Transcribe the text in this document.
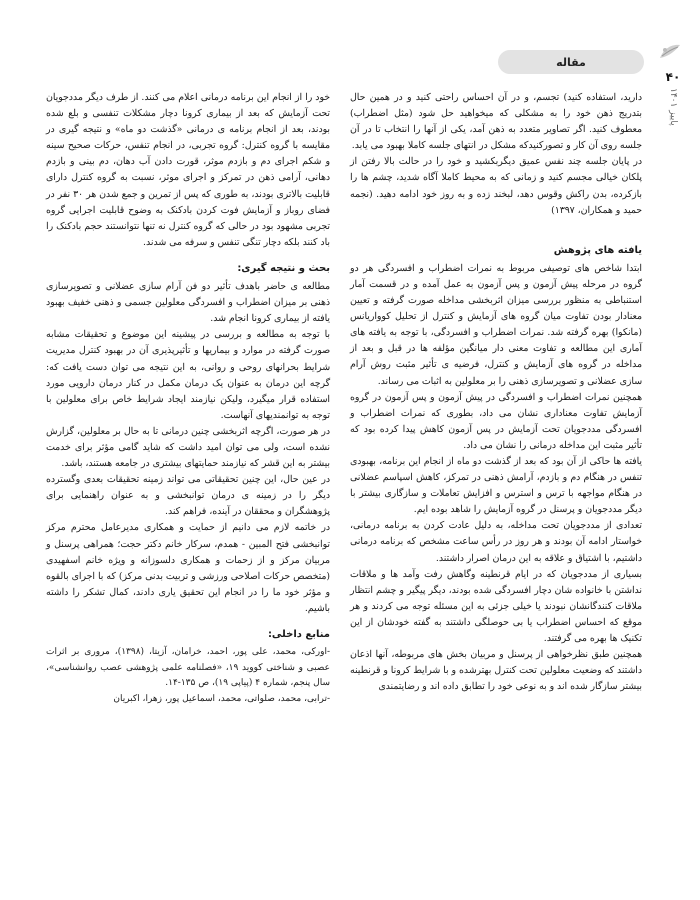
مقاله
۴۰
پاییز ۱۴۰۱

دارید، استفاده کنید) تجسم، و در آن احساس راحتی کنید و در همین حال بتدریج ذهن خود را به مشکلی که میخواهید حل شود (مثل اضطراب) معطوف کنید. اگر تصاویر متعدد به ذهن آمد، یکی از آنها را انتخاب تا در آن جلسه روی آن کار و تصورکنیدکه مشکل در انتهای جلسه کاملا بهبود می یابد.

در پایان جلسه چند نفس عمیق دیگربکشید و خود را در حالت بالا رفتن از پلکان خیالی مجسم کنید و زمانی که به محیط کاملا آگاه شدید، چشم ها را بازکرده، بدن راکش وقوس دهد، لبخند زده و به روز خود ادامه دهید. (نجمه حمید و همکاران، ۱۳۹۷)

یافته های پژوهش

ابتدا شاخص های توصیفی مربوط به نمرات اضطراب و افسردگی هر دو گروه در مرحله پیش آزمون و پس آزمون به عمل آمده و در قسمت آمار استنباطی به منظور بررسی میزان اثربخشی مداخله صورت گرفته و تعیین معنادار بودن تفاوت میان گروه های آزمایش و کنترل از تحلیل کوواریانس (مانکوا) بهره گرفته شد. نمرات اضطراب و افسردگی، با توجه به یافته های آماری این مطالعه و تفاوت معنی دار میانگین مؤلفه ها در قبل و بعد از مداخله در گروه های آزمایش و کنترل، فرضیه ی تأثیر مثبت روش آرام سازی عضلانی و تصویرسازی ذهنی را بر معلولین به اثبات می رساند.

همچنین نمرات اضطراب و افسردگی در پیش آزمون و پس آزمون در گروه آزمایش تفاوت معناداری نشان می داد، بطوری که نمرات اضطراب و افسردگی مددجویان تحت آزمایش در پس آزمون کاهش پیدا کرده بود که تأثیر مثبت این مداخله درمانی را نشان می داد.

یافته ها حاکی از آن بود که بعد از گذشت دو ماه از انجام این برنامه، بهبودی تنفس در هنگام دم و بازدم، آرامش ذهنی در تمرکز، کاهش اسپاسم عضلانی در هنگام مواجهه با ترس و استرس و افزایش تعاملات و سازگاری بیشتر با دیگر مددجویان و پرسنل در گروه آزمایش را شاهد بوده ایم.

تعدادی از مددجویان تحت مداخله، به دلیل عادت کردن به برنامه درمانی، خواستار ادامه آن بودند و هر روز در رأس ساعت مشخص که برنامه درمانی داشتیم، با اشتیاق و علاقه به این درمان اصرار داشتند.

بسیاری از مددجویان که در ایام قرنطینه وگاهش رفت وآمد ها و ملاقات نداشتن با خانواده شان دچار افسردگی شده بودند، دیگر پیگیر و چشم انتظار ملاقات کنندگانشان نبودند یا خیلی جزئی به این مسئله توجه می کردند و هر موقع که احساس اضطراب یا بی حوصلگی داشتند به گفته خودشان از این تکنیک ها بهره می گرفتند.

همچنین طبق نظرخواهی از پرسنل و مربیان بخش های مربوطه، آنها اذعان داشتند که وضعیت معلولین تحت کنترل بهترشده و با شرایط کرونا و قرنطینه بیشتر سازگار شده اند و به نوعی خود را تطابق داده اند و رضایتمندی

خود را از انجام این برنامه درمانی اعلام می کنند. از طرف دیگر مددجویان تحت آزمایش که بعد از بیماری کرونا دچار مشکلات تنفسی و بلع شده بودند، بعد از انجام برنامه ی درمانی «گذشت دو ماه» و نتیجه گیری در مقایسه با گروه کنترل: گروه تجربی، در انجام تنفس، حرکات صحیح سینه و شکم اجرای دم و بازدم موثر، قورت دادن آب دهان، دم بینی و بازدم دهانی، آرامی ذهن در تمرکز و اجرای موثر، نسبت به گروه کنترل دارای قابلیت بالاتری بودند، به طوری که پس از تمرین و جمع شدن هر ۳۰ نفر در فضای روباز و آزمایش فوت کردن بادکنک به وضوح قابلیت اجرایی گروه تجربی مشهود بود در حالی که گروه کنترل نه تنها نتوانستند حجم بادکنک را باد کنند بلکه دچار تنگی تنفس و سرفه می شدند.

بحث و نتیجه گیری:

مطالعه ی حاضر باهدف تأثیر دو فن آرام سازی عضلانی و تصویرسازی ذهنی بر میزان اضطراب و افسردگی معلولین جسمی و ذهنی خفیف بهبود یافته از بیماری کرونا انجام شد.

با توجه به مطالعه و بررسی در پیشینه این موضوع و تحقیقات مشابه صورت گرفته در موارد و بیماریها و تأثیرپذیری آن در بهبود کنترل مدیریت شرایط بحرانهای روحی و روانی، به این نتیجه می توان دست یافت که: گرچه این درمان به عنوان یک درمان مکمل در کنار درمان دارویی مورد استفاده قرار میگیرد، ولیکن نیازمند ایجاد شرایط خاص برای معلولین با توجه به توانمندیهای آنهاست.

در هر صورت، اگرچه اثربخشی چنین درمانی تا به حال بر معلولین، گزارش نشده است، ولی می توان امید داشت که شاید گامی مؤثر برای خدمت بیشتر به این قشر که نیازمند حمایتهای بیشتری در جامعه هستند، باشد.

در عین حال، این چنین تحقیقاتی می تواند زمینه تحقیقات بعدی وگسترده دیگر را در زمینه ی درمان توانبخشی و به عنوان راهنمایی برای پژوهشگران و محققان در آینده، فراهم کند.

در خاتمه لازم می دانیم از حمایت و همکاری مدیرعامل محترم مرکز توانبخشی فتح المبین - همدم، سرکار خانم دکتر حجت؛ همراهی پرسنل و مربیان مرکز و از زحمات و همکاری دلسوزانه و ویژه خانم اسفهیدی (متخصص حرکات اصلاحی ورزشی و تربیت بدنی مرکز) که با اجرای بالقوه و مؤثر خود ما را در انجام این تحقیق یاری دادند، کمال تشکر را داشته باشیم.

منابع داخلی:

-اورکی، محمد، علی پور، احمد، خرامان، آزیتا، (۱۳۹۸)، مروری بر اثرات عصبی و شناختی کووید ۱۹، «فصلنامه علمی پژوهشی عصب روانشناسی»، سال پنجم، شماره ۴ (پیاپی ۱۹)، ص ۱۳۵-۱۴.

-ترابی، محمد، صلواتی، محمد، اسماعیل پور، زهرا، اکبریان
